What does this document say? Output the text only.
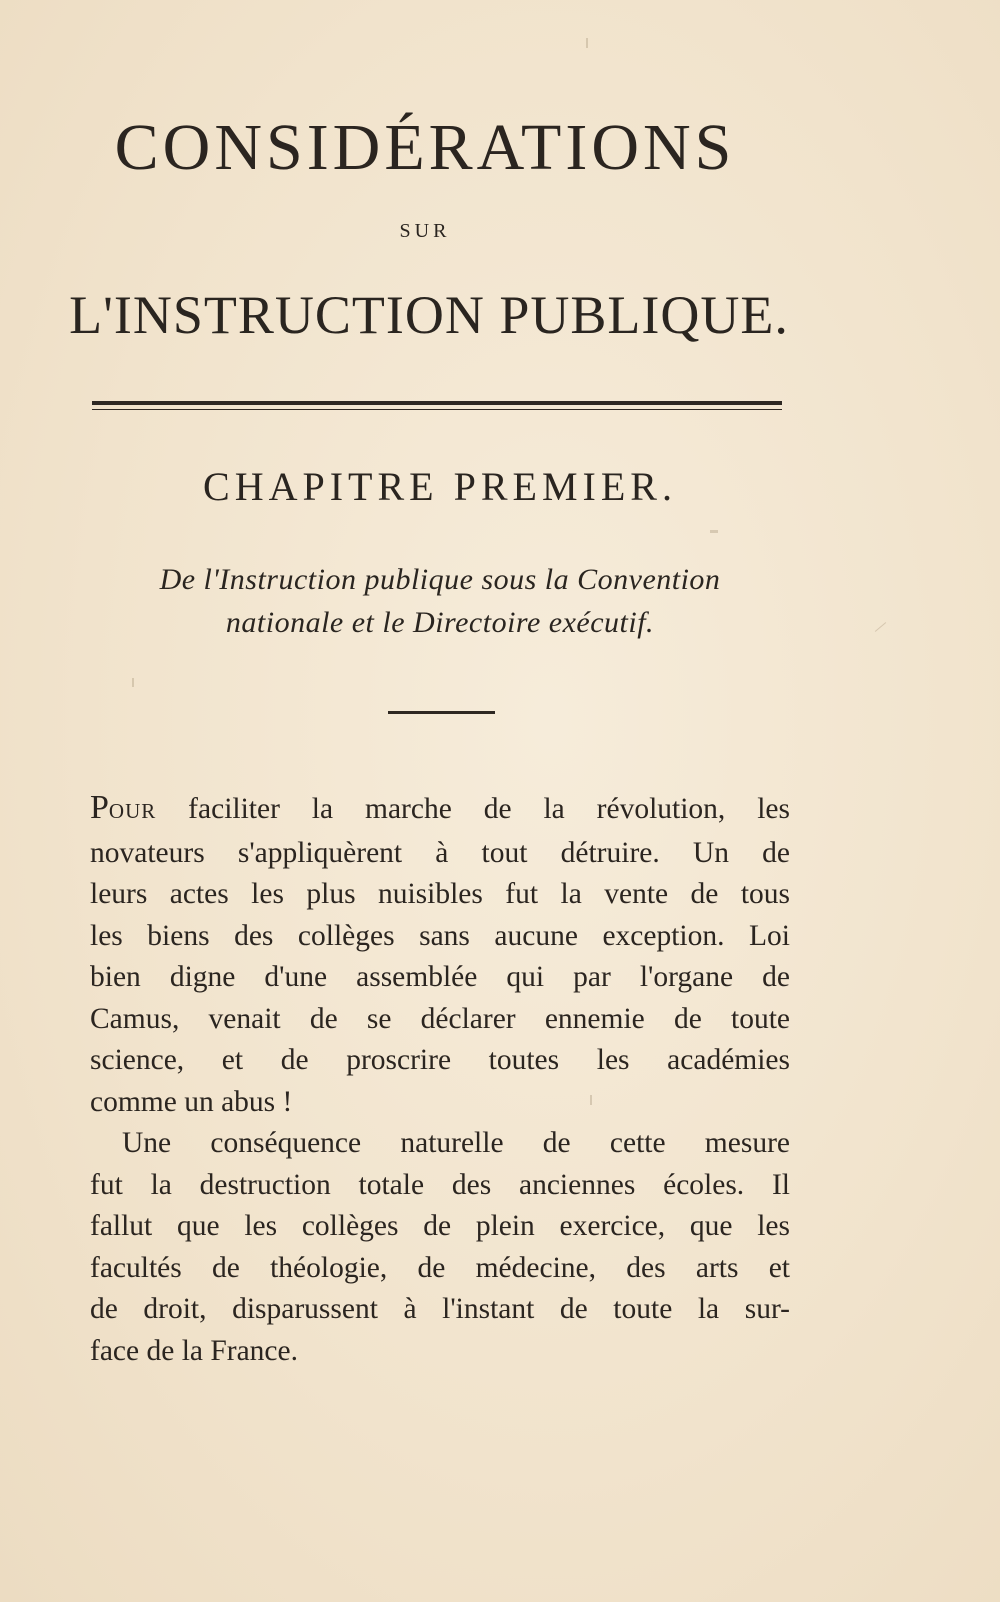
CONSIDÉRATIONS
SUR
L'INSTRUCTION PUBLIQUE.
CHAPITRE PREMIER.
De l'Instruction publique sous la Convention
nationale et le Directoire exécutif.
POUR faciliter la marche de la révolution, les
novateurs s'appliquèrent à tout détruire. Un de
leurs actes les plus nuisibles fut la vente de tous
les biens des collèges sans aucune exception. Loi
bien digne d'une assemblée qui par l'organe de
Camus, venait de se déclarer ennemie de toute
science, et de proscrire toutes les académies
comme un abus !
Une conséquence naturelle de cette mesure
fut la destruction totale des anciennes écoles. Il
fallut que les collèges de plein exercice, que les
facultés de théologie, de médecine, des arts et
de droit, disparussent à l'instant de toute la sur-
face de la France.
